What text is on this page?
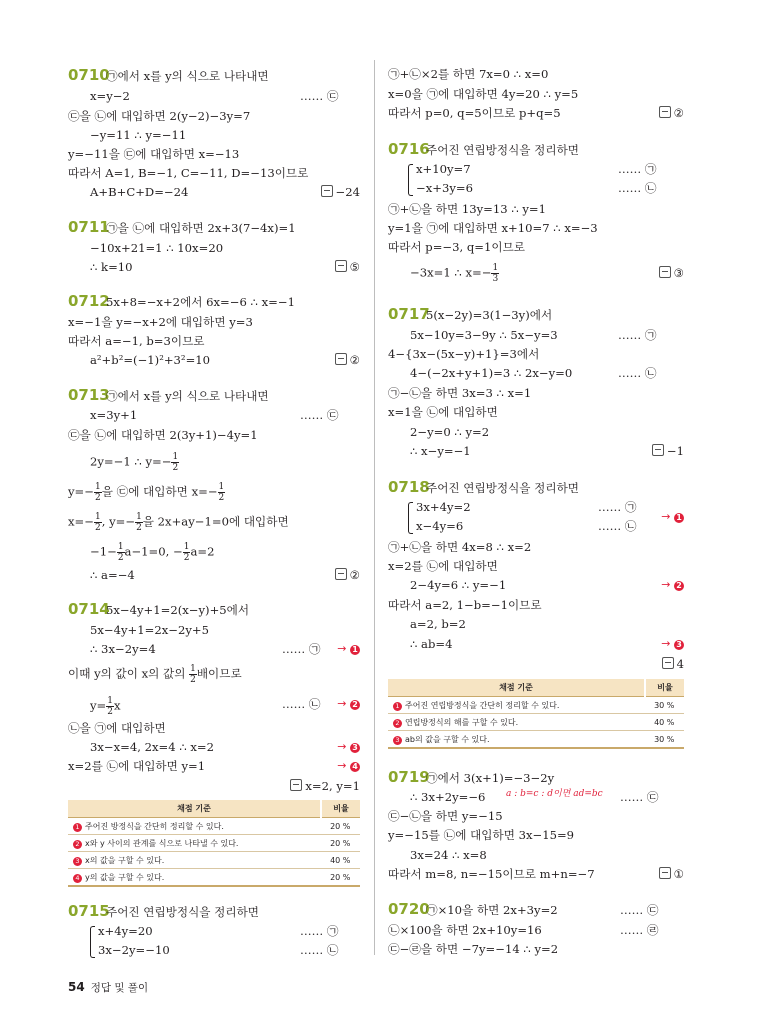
0710
㉠에서 x를 y의 식으로 나타내면
x=y−2	…… ㉢
㉢을 ㉡에 대입하면 2(y−2)−3y=7
−y=11 ∴ y=−11
y=−11을 ㉢에 대입하면 x=−13
따라서 A=1, B=−1, C=−11, D=−13이므로
A+B+C+D=−24	−24
0711
㉠을 ㉡에 대입하면 2x+3(7−4x)=1
−10x+21=1 ∴ 10x=20
∴ k=10	⑤
0712
5x+8=−x+2에서 6x=−6 ∴ x=−1
x=−1을 y=−x+2에 대입하면 y=3
따라서 a=−1, b=3이므로
a²+b²=(−1)²+3²=10	②
0713
㉠에서 x를 y의 식으로 나타내면
x=3y+1	…… ㉢
㉢을 ㉡에 대입하면 2(3y+1)−4y=1
2y=−1 ∴ $y=- \frac{1}{2}$
$y=- \frac{1}{2}$ 을 ㉢에 대입하면 $x=- \frac{1}{2}$
$x=- \frac{1}{2}$ , $y=- \frac{1}{2}$ 을 2x+ay−1=0에 대입하면
$-1- \frac{1}{2} a-1=0$, − $\frac{1}{2} a=2$
∴ a=−4	②
0714
5x−4y+1=2(x−y)+5에서
5x−4y+1=2x−2y+5
∴ 3x−2y=4	…… ㉠ → 1
이때 y의 값이 x의 값의 $\frac{1}{2}$ 배이므로
$y= \frac{1}{2}$ x	…… ㉡ → 2
㉡을 ㉠에 대입하면
3x−x=4, 2x=4 ∴ x=2	→ 3
x=2를 ㉡에 대입하면 y=1	→ 4
x=2, y=1
채점 기준	비율
1 주어진 방정식을 간단히 정리할 수 있다.	20 %
2 x와 y 사이의 관계를 식으로 나타낼 수 있다.	20 %
3 x의 값을 구할 수 있다.	40 %
4 y의 값을 구할 수 있다.	20 %
0715
주어진 연립방정식을 정리하면
x+4y=20	…… ㉠
3x−2y=−10	…… ㉡
㉠+㉡×2를 하면 7x=0 ∴ x=0
x=0을 ㉠에 대입하면 4y=20 ∴ y=5
따라서 p=0, q=5이므로 p+q=5	②
0716
주어진 연립방정식을 정리하면
x+10y=7	…… ㉠
−x+3y=6	…… ㉡
㉠+㉡을 하면 13y=13 ∴ y=1
y=1을 ㉠에 대입하면 x+10=7 ∴ x=−3
따라서 p=−3, q=1이므로
−3x=1 ∴ $x=- \frac{1}{3}$	③
0717
5(x−2y)=3(1−3y)에서
5x−10y=3−9y ∴ 5x−y=3	…… ㉠
4−{3x−(5x−y)+1}=3에서
4−(−2x+y+1)=3 ∴ 2x−y=0	…… ㉡
㉠−㉡을 하면 3x=3 ∴ x=1
x=1을 ㉡에 대입하면
2−y=0 ∴ y=2
∴ x−y=−1	−1
0718
주어진 연립방정식을 정리하면
3x+4y=2	…… ㉠
x−4y=6	…… ㉡
→ 1
㉠+㉡을 하면 4x=8 ∴ x=2
x=2를 ㉡에 대입하면
2−4y=6 ∴ y=−1	→ 2
따라서 a=2, 1−b=−1이므로
a=2, b=2
∴ ab=4	→ 3
4
채점 기준	비율
1 주어진 연립방정식을 간단히 정리할 수 있다.	30 %
2 연립방정식의 해를 구할 수 있다.	40 %
3 ab의 값을 구할 수 있다.	30 %
0719
㉠에서 3(x+1)=−3−2y
∴ 3x+2y=−6 a : b=c : d이면 ad=bc …… ㉢
㉢−㉡을 하면 y=−15
y=−15를 ㉡에 대입하면 3x−15=9
3x=24 ∴ x=8
따라서 m=8, n=−15이므로 m+n=−7	①
0720
㉠×10을 하면 2x+3y=2	…… ㉢
㉡×100을 하면 2x+10y=16	…… ㉣
㉢−㉣을 하면 −7y=−14 ∴ y=2
54 정답 및 풀이
